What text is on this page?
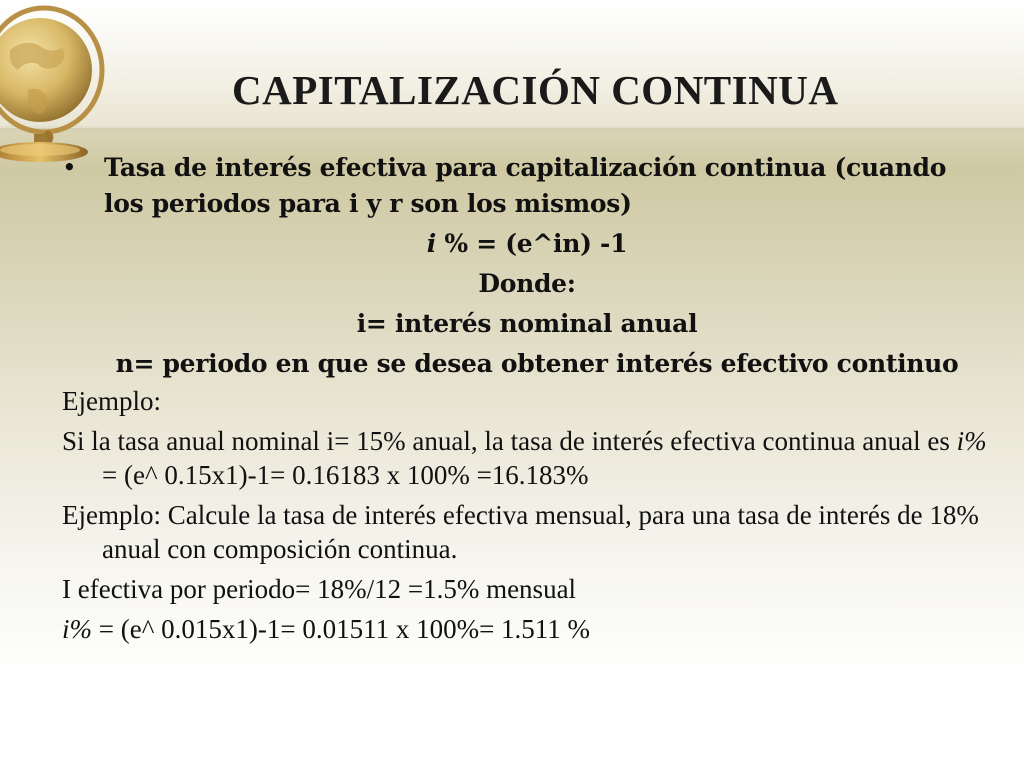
CAPITALIZACIÓN CONTINUA
• Tasa de interés efectiva para capitalización continua (cuando los periodos para i y r son los mismos)
i % = (e^in) -1
Donde:
i= interés nominal anual
n= periodo en que se desea obtener interés efectivo continuo
Ejemplo:
Si la tasa anual nominal i= 15% anual, la tasa de interés efectiva continua anual es i% = (e^ 0.15x1)-1= 0.16183 x 100% =16.183%
Ejemplo: Calcule la tasa de interés efectiva mensual, para una tasa de interés de 18% anual con composición continua.
I efectiva por periodo= 18%/12 =1.5% mensual
i% = (e^ 0.015x1)-1= 0.01511 x 100%= 1.511 %
